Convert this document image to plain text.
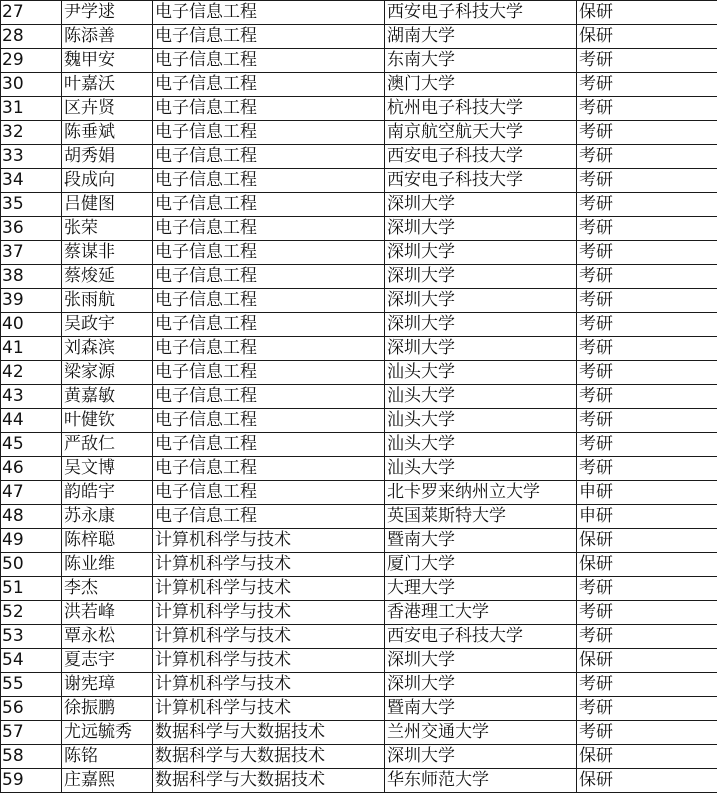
27	尹学逑	电子信息工程	西安电子科技大学	保研
28	陈添善	电子信息工程	湖南大学	保研
29	魏甲安	电子信息工程	东南大学	考研
30	叶嘉沃	电子信息工程	澳门大学	考研
31	区卉贤	电子信息工程	杭州电子科技大学	考研
32	陈垂斌	电子信息工程	南京航空航天大学	考研
33	胡秀娟	电子信息工程	西安电子科技大学	考研
34	段成向	电子信息工程	西安电子科技大学	考研
35	吕健图	电子信息工程	深圳大学	考研
36	张荣	电子信息工程	深圳大学	考研
37	蔡谋非	电子信息工程	深圳大学	考研
38	蔡焌延	电子信息工程	深圳大学	考研
39	张雨航	电子信息工程	深圳大学	考研
40	吴政宇	电子信息工程	深圳大学	考研
41	刘森滨	电子信息工程	深圳大学	考研
42	梁家源	电子信息工程	汕头大学	考研
43	黄嘉敏	电子信息工程	汕头大学	考研
44	叶健钦	电子信息工程	汕头大学	考研
45	严敌仁	电子信息工程	汕头大学	考研
46	吴文博	电子信息工程	汕头大学	考研
47	韵皓宇	电子信息工程	北卡罗来纳州立大学	申研
48	苏永康	电子信息工程	英国莱斯特大学	申研
49	陈梓聪	计算机科学与技术	暨南大学	保研
50	陈业维	计算机科学与技术	厦门大学	保研
51	李杰	计算机科学与技术	大理大学	考研
52	洪若峰	计算机科学与技术	香港理工大学	考研
53	覃永松	计算机科学与技术	西安电子科技大学	考研
54	夏志宇	计算机科学与技术	深圳大学	保研
55	谢宪璋	计算机科学与技术	深圳大学	考研
56	徐振鹏	计算机科学与技术	暨南大学	考研
57	尤远毓秀	数据科学与大数据技术	兰州交通大学	考研
58	陈铭	数据科学与大数据技术	深圳大学	保研
59	庄嘉熙	数据科学与大数据技术	华东师范大学	保研
